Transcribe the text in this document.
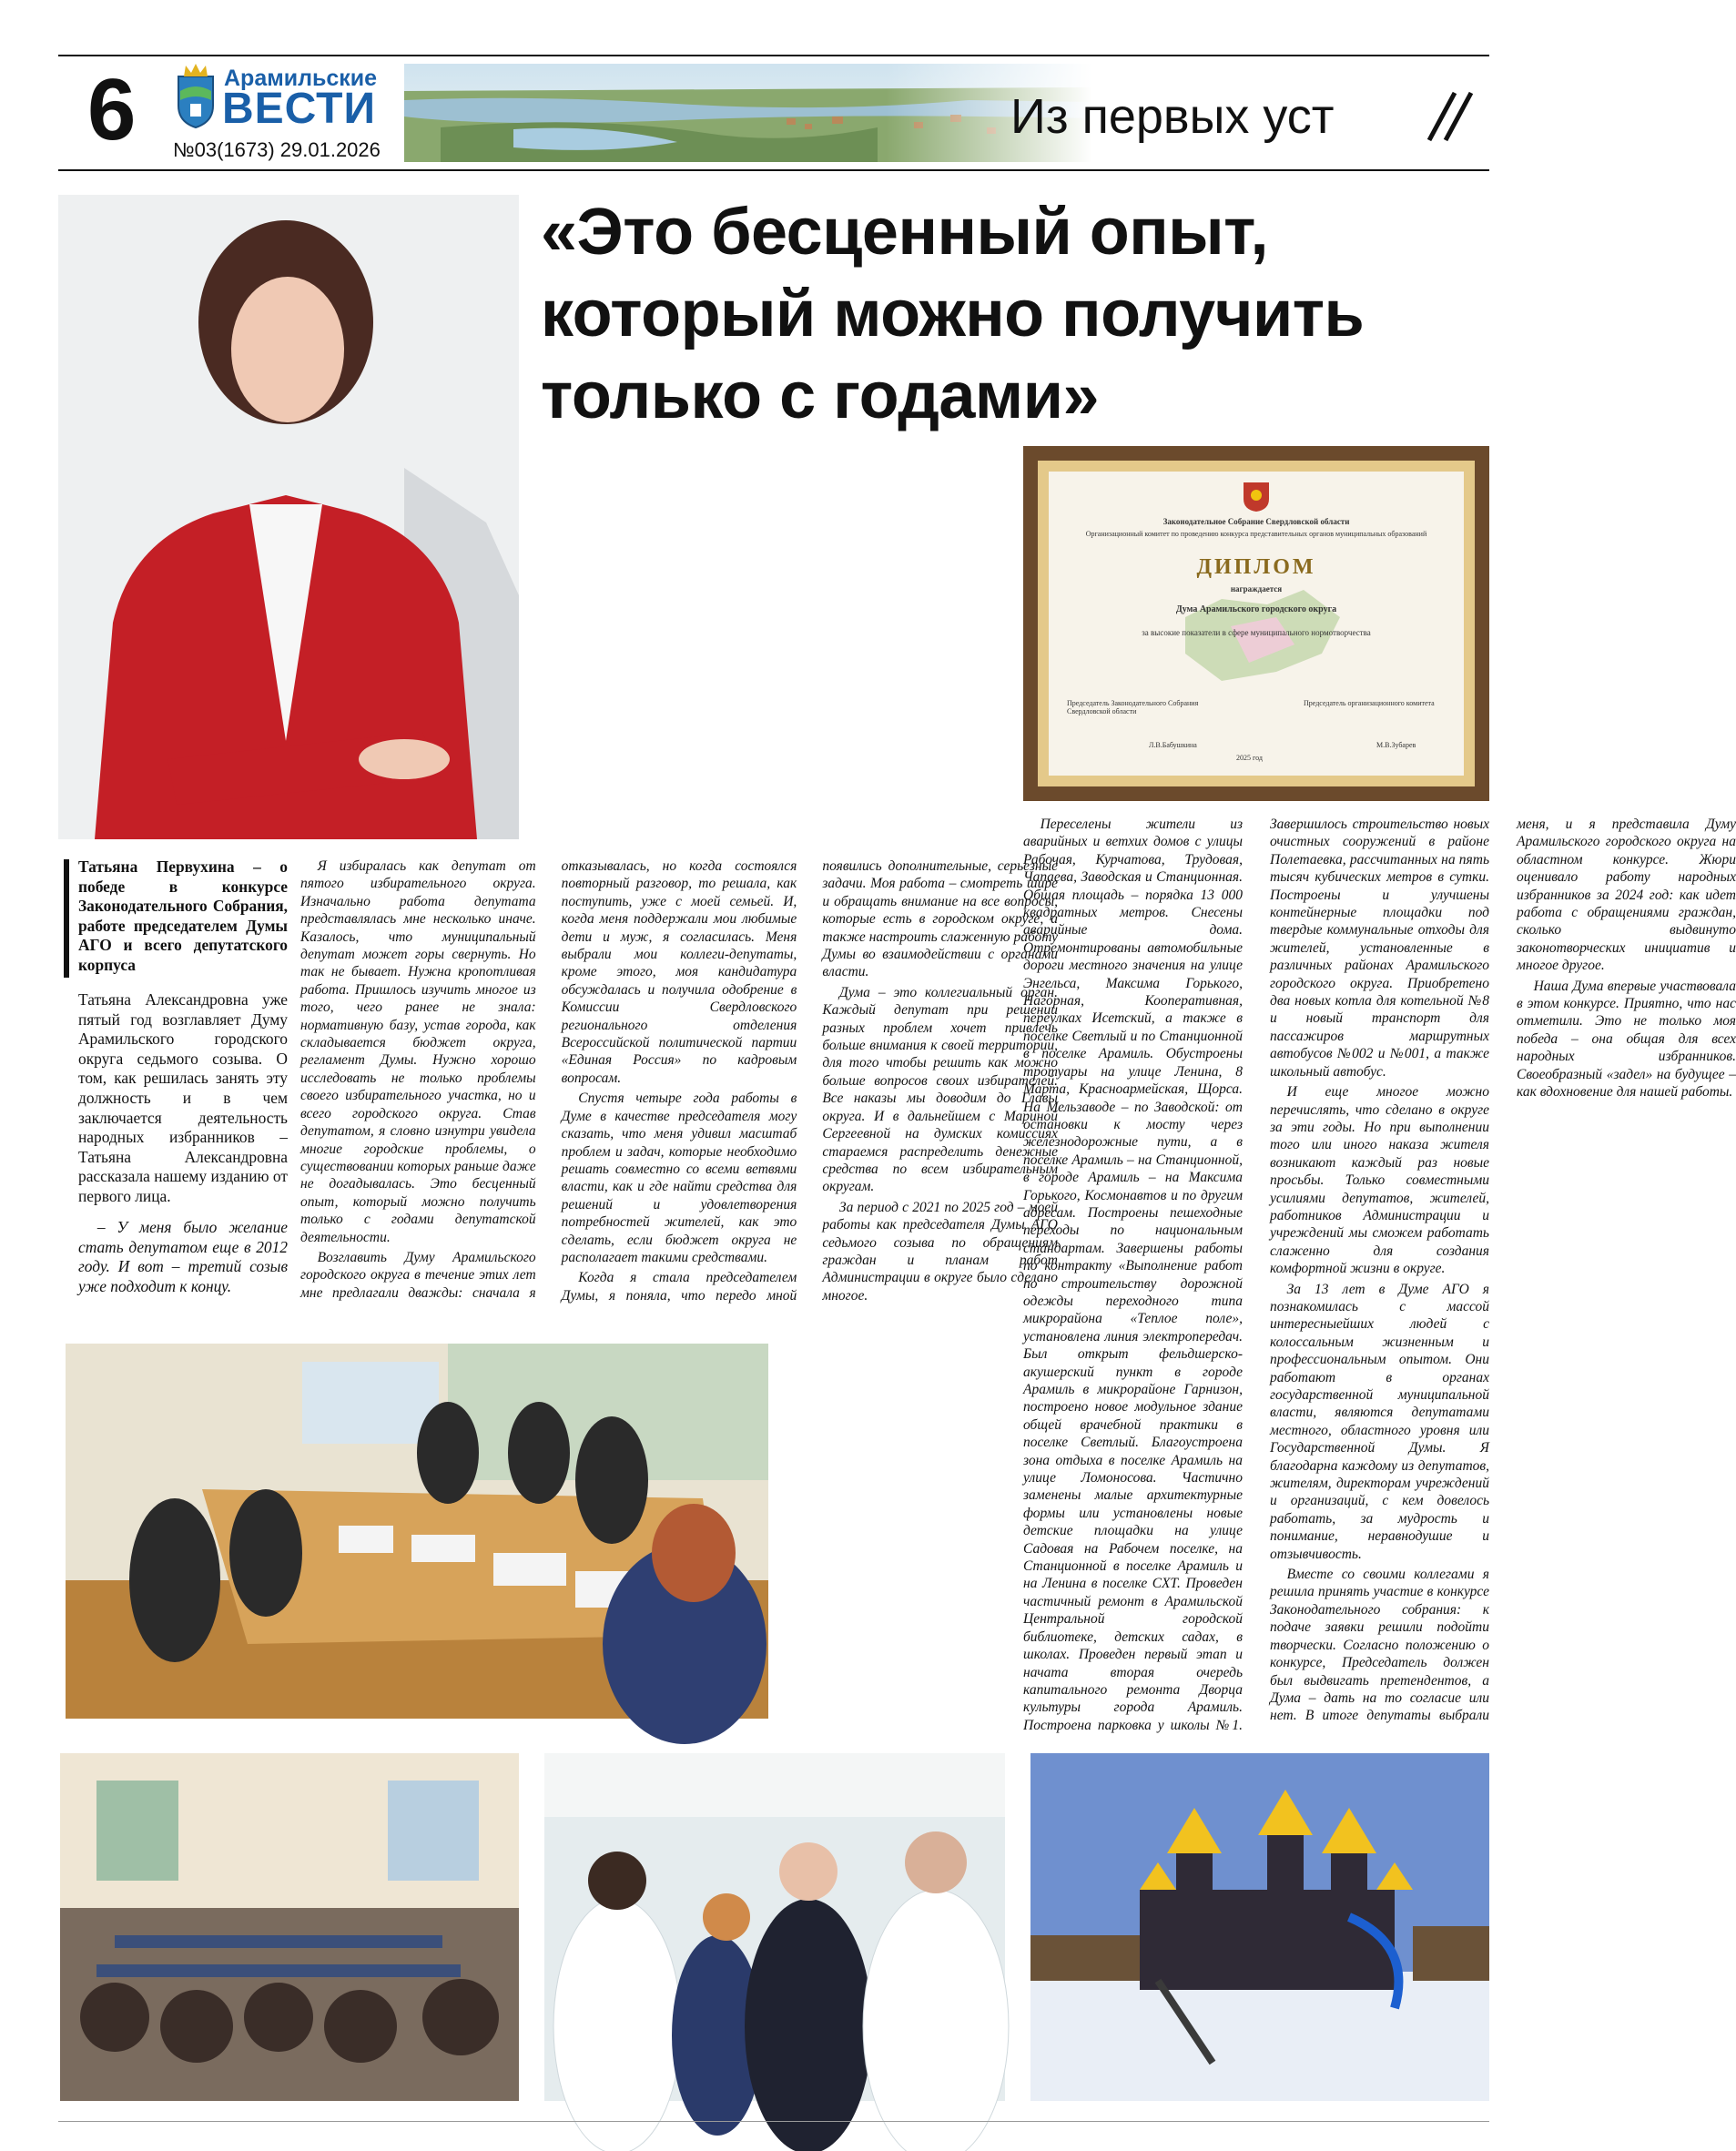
6	Арамильские
ВЕСТИ
№03(1673) 29.01.2026
Из первых уст
«Это бесценный опыт,
который можно получить
только с годами»
Законодательное Собрание Свердловской области
Организационный комитет по проведению конкурса представительных органов муниципальных образований
ДИПЛОМ
награждается
Дума Арамильского городского округа
за высокие показатели в сфере муниципального нормотворчества
Председатель Законодательного Собрания Свердловской области
Председатель организационного комитета
Л.В.Бабушкина
2025 год
М.В.Зубарев
Татьяна Первухина – о победе в конкурсе Законодательного Собрания, работе председателем Думы АГО и всего депутатского корпуса

Татьяна Александровна уже пятый год возглавляет Думу Арамильского городского округа седьмого созыва. О том, как решилась занять эту должность и в чем заключается деятельность народных избранников – Татьяна Александровна рассказала нашему изданию от первого лица.

– У меня было желание стать депутатом еще в 2012 году. И вот – третий созыв уже подходит к концу.

Я избиралась как депутат от пятого избирательного округа. Изначально работа депутата представлялась мне несколько иначе. Казалось, что муниципальный депутат может горы свернуть. Но так не бывает. Нужна кропотливая работа. Пришлось изучить многое из того, чего ранее не знала: нормативную базу, устав города, как складывается бюджет округа, регламент Думы. Нужно хорошо исследовать не только проблемы своего избирательного участка, но и всего городского округа. Став депутатом, я словно изнутри увидела многие городские проблемы, о существовании которых раньше даже не догадывалась. Это бесценный опыт, который можно получить только с годами депутатской деятельности.

Возглавить Думу Арамильского городского округа в течение этих лет мне предлагали дважды: сначала я отказывалась, но когда состоялся повторный разговор, то решала, как поступить, уже с моей семьей. И, когда меня поддержали мои любимые дети и муж, я согласилась. Меня выбрали мои коллеги-депутаты, кроме этого, моя кандидатура обсуждалась и получила одобрение в Комиссии Свердловского регионального отделения Всероссийской политической партии «Единая Россия» по кадровым вопросам.

Спустя четыре года работы в Думе в качестве председателя могу сказать, что меня удивил масштаб проблем и задач, которые необходимо решать совместно со всеми ветвями власти, как и где найти средства для решений и удовлетворения потребностей жителей, как это сделать, если бюджет округа не располагает такими средствами.

Когда я стала председателем Думы, я поняла, что передо мной появились дополнительные, серьезные задачи. Моя работа – смотреть шире и обращать внимание на все вопросы, которые есть в городском округе, а также настроить слаженную работу Думы во взаимодействии с органами власти.

Дума – это коллегиальный орган. Каждый депутат при решении разных проблем хочет привлечь больше внимания к своей территории, для того чтобы решить как можно больше вопросов своих избирателей. Все наказы мы доводим до Главы округа. И в дальнейшем с Мариной Сергеевной на думских комиссиях стараемся распределить денежные средства по всем избирательным округам.

За период с 2021 по 2025 год – моей работы как председателя Думы АГО седьмого созыва по обращениям граждан и планам работ Администрации в округе было сделано многое.

Переселены жители из аварийных и ветхих домов с улицы Рабочая, Курчатова, Трудовая, Чапаева, Заводская и Станционная. Общая площадь – порядка 13 000 квадратных метров. Снесены аварийные дома. Отремонтированы автомобильные дороги местного значения на улице Энгельса, Максима Горького, Нагорная, Кооперативная, переулках Исетский, а также в поселке Светлый и по Станционной в поселке Арамиль. Обустроены тротуары на улице Ленина, 8 Марта, Красноармейская, Щорса. На Мельзаводе – по Заводской: от остановки к мосту через железнодорожные пути, а в поселке Арамиль – на Станционной, в городе Арамиль – на Максима Горького, Космонавтов и по другим адресам. Построены пешеходные переходы по национальным стандартам. Завершены работы по контракту «Выполнение работ по строительству дорожной одежды переходного типа микрорайона «Теплое поле», установлена линия электропередач. Был открыт фельдшерско-акушерский пункт в городе Арамиль в микрорайоне Гарнизон, построено новое модульное здание общей врачебной практики в поселке Светлый. Благоустроена зона отдыха в поселке Арамиль на улице Ломоносова. Частично заменены малые архитектурные формы или установлены новые детские площадки на улице Садовая на Рабочем поселке, на Станционной в поселке Арамиль и на Ленина в поселке СХТ. Проведен частичный ремонт в Арамильской Центральной городской библиотеке, детских садах, в школах. Проведен первый этап и начата вторая очередь капитального ремонта Дворца культуры города Арамиль. Построена парковка у школы №1. Завершилось строительство новых очистных сооружений в районе Полетаевка, рассчитанных на пять тысяч кубических метров в сутки. Построены и улучшены контейнерные площадки под твердые коммунальные отходы для жителей, установленные в различных районах Арамильского городского округа. Приобретено два новых котла для котельной №8 и новый транспорт для пассажиров маршрутных автобусов №002 и №001, а также школьный автобус.

И еще многое можно перечислять, что сделано в округе за эти годы. Но при выполнении того или иного наказа жителя возникают каждый раз новые просьбы. Только совместными усилиями депутатов, жителей, работников Администрации и учреждений мы сможем работать слаженно для создания комфортной жизни в округе.

За 13 лет в Думе АГО я познакомилась с массой интересныейших людей с колоссальным жизненным и профессиональным опытом. Они работают в органах государственной муниципальной власти, являются депутатами местного, областного уровня или Государственной Думы. Я благодарна каждому из депутатов, жителям, директорам учреждений и организаций, с кем довелось работать, за мудрость и понимание, неравнодушие и отзывчивость.

Вместе со своими коллегами я решила принять участие в конкурсе Законодательного собрания: к подаче заявки решили подойти творчески. Согласно положению о конкурсе, Председатель должен был выдвигать претендентов, а Дума – дать на то согласие или нет. В итоге депутаты выбрали меня, и я представила Думу Арамильского городского округа на областном конкурсе. Жюри оценивало работу народных избранников за 2024 год: как идет работа с обращениями граждан, сколько выдвинуто законотворческих инициатив и многое другое.

Наша Дума впервые участвовала в этом конкурсе. Приятно, что нас отметили. Это не только моя победа – она общая для всех народных избранников. Своеобразный «задел» на будущее – как вдохновение для нашей работы.
